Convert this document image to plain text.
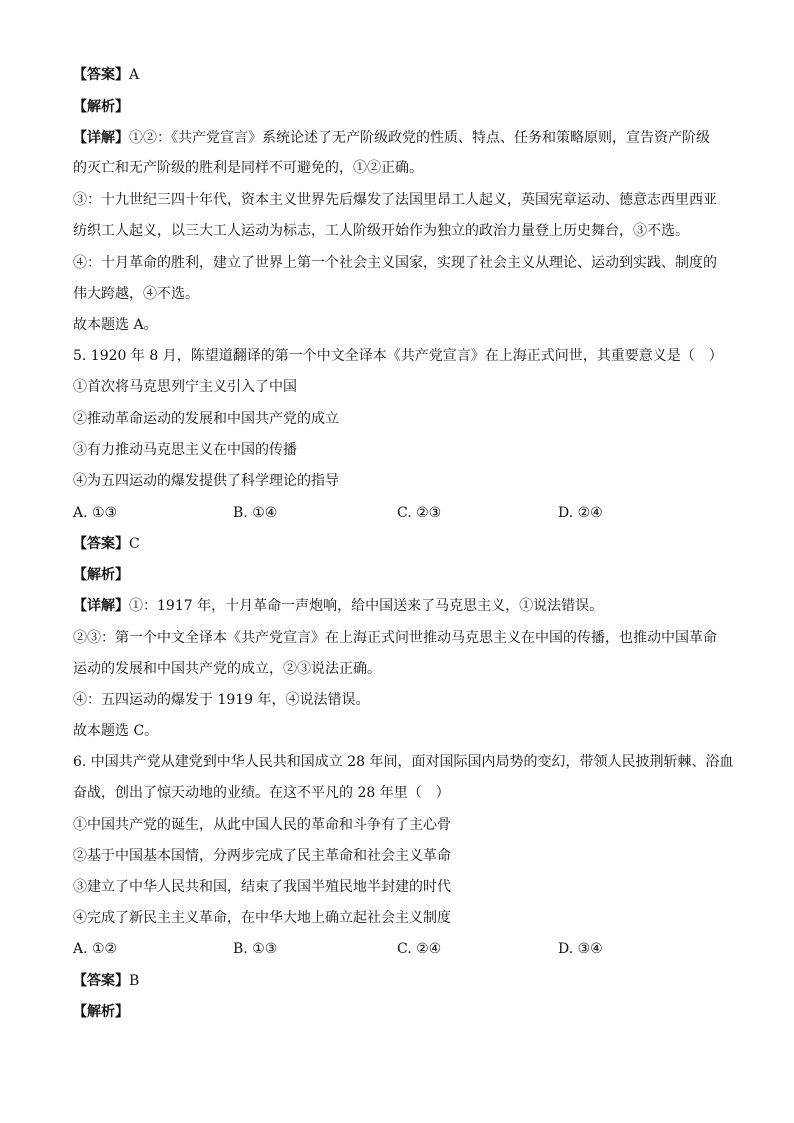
【答案】A
【解析】
【详解】①②：《共产党宣言》系统论述了无产阶级政党的性质、特点、任务和策略原则，宣告资产阶级
的灭亡和无产阶级的胜利是同样不可避免的，①②正确。
③：十九世纪三四十年代，资本主义世界先后爆发了法国里昂工人起义，英国宪章运动、德意志西里西亚
纺织工人起义，以三大工人运动为标志，工人阶级开始作为独立的政治力量登上历史舞台，③不选。
④：十月革命的胜利，建立了世界上第一个社会主义国家，实现了社会主义从理论、运动到实践、制度的
伟大跨越，④不选。
故本题选 A。
5. 1920 年 8 月，陈望道翻译的第一个中文全译本《共产党宣言》在上海正式问世，其重要意义是（　）
①首次将马克思列宁主义引入了中国
②推动革命运动的发展和中国共产党的成立
③有力推动马克思主义在中国的传播
④为五四运动的爆发提供了科学理论的指导
A. ①③	B. ①④	C. ②③	D. ②④
【答案】C
【解析】
【详解】①：1917 年，十月革命一声炮响，给中国送来了马克思主义，①说法错误。
②③：第一个中文全译本《共产党宣言》在上海正式问世推动马克思主义在中国的传播，也推动中国革命
运动的发展和中国共产党的成立，②③说法正确。
④：五四运动的爆发于 1919 年，④说法错误。
故本题选 C。
6. 中国共产党从建党到中华人民共和国成立 28 年间，面对国际国内局势的变幻，带领人民披荆斩棘、浴血
奋战，创出了惊天动地的业绩。在这不平凡的 28 年里（　）
①中国共产党的诞生，从此中国人民的革命和斗争有了主心骨
②基于中国基本国情，分两步完成了民主革命和社会主义革命
③建立了中华人民共和国，结束了我国半殖民地半封建的时代
④完成了新民主主义革命，在中华大地上确立起社会主义制度
A. ①②	B. ①③	C. ②④	D. ③④
【答案】B
【解析】
